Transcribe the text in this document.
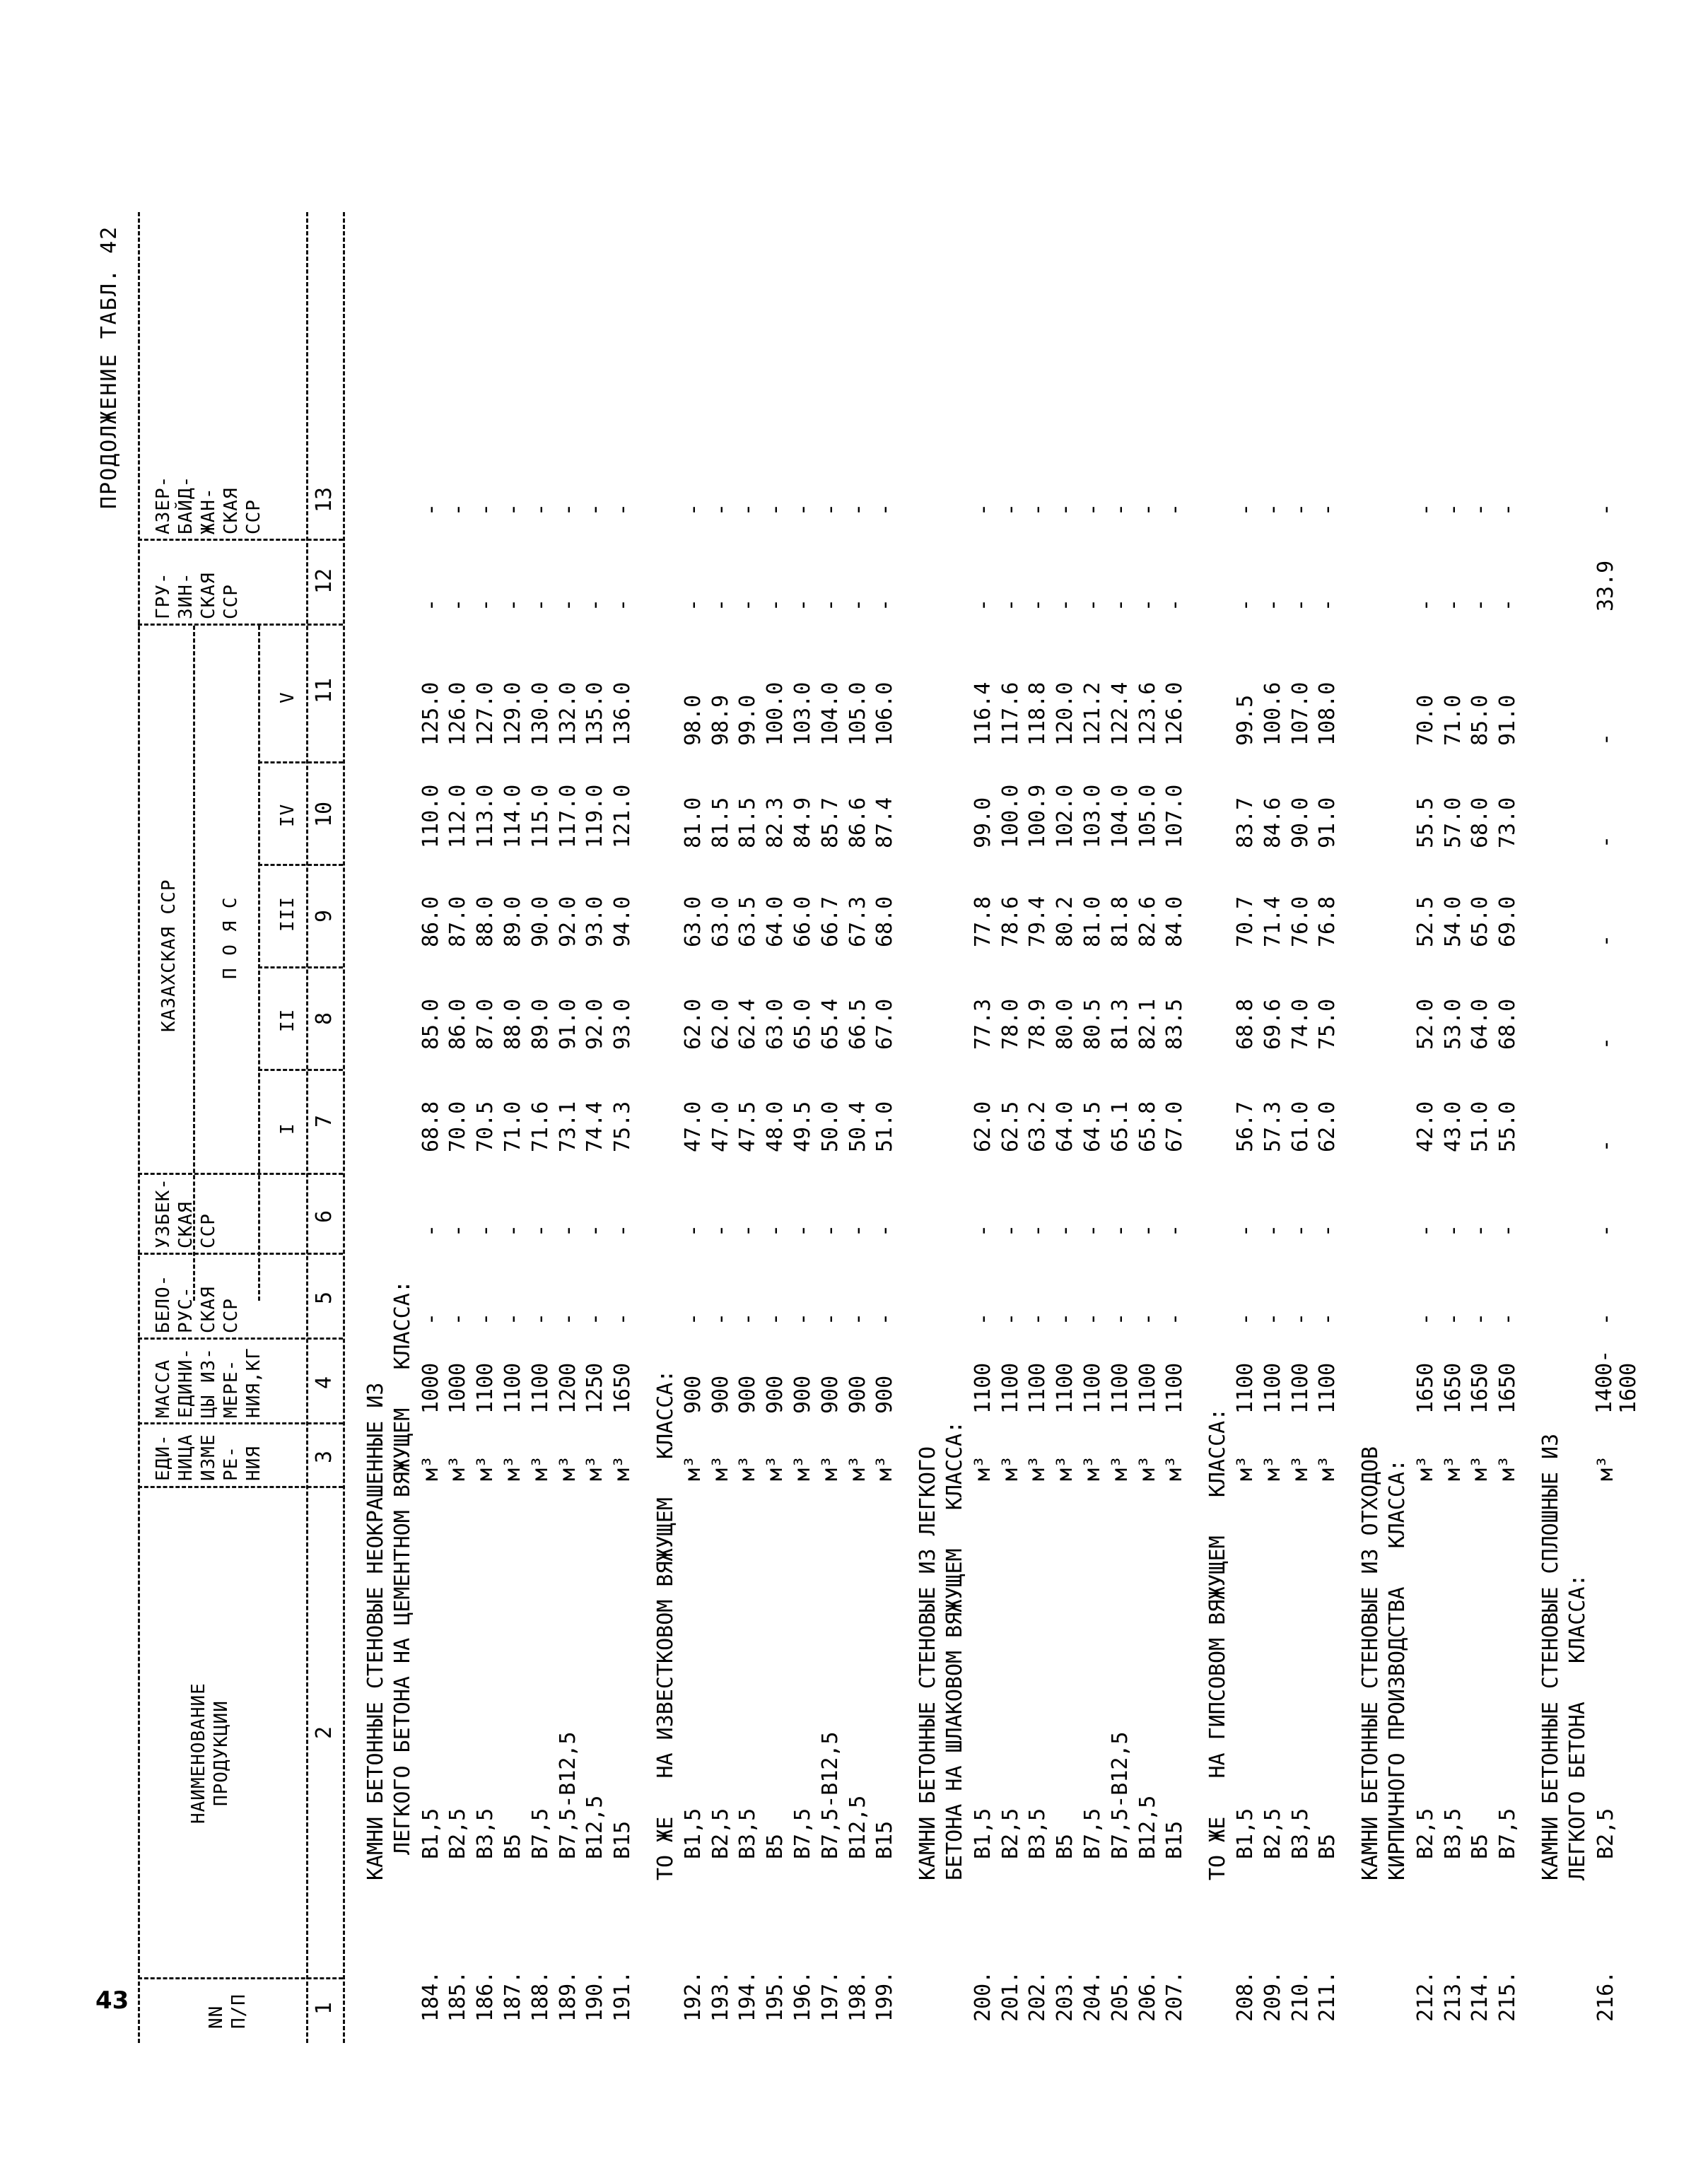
ПРОДОЛЖЕНИЕ ТАБЛ. 42
NN
П/П
НАИМЕНОВАНИЕ
ПРОДУКЦИИ
ЕДИ-
НИЦА
ИЗМЕ
РЕ-
НИЯ
МАССА
ЕДИНИ-
ЦЫ ИЗ-
МЕРЕ-
НИЯ,КГ
БЕЛО-
РУС-
СКАЯ
ССР
УЗБЕК-
СКАЯ
ССР
КАЗАХСКАЯ ССР П О Я С
I
II
III
IV
V
ГРУ-
ЗИН-
СКАЯ
ССР
АЗЕР-
БАЙД-
ЖАН-
СКАЯ
ССР
1
2
3
4
5
6
7
8
9
10
11
12
13
КАМНИ БЕТОННЫЕ СТЕНОВЫЕ НЕОКРАШЕННЫЕ ИЗ
ЛЕГКОГО БЕТОНА НА ЦЕМЕНТНОМ ВЯЖУЩЕМ   КЛАССА:
184.
B1,5
м³
1000
-
-
68.8
85.0
86.0
110.0
125.0
-
-
185.
B2,5
м³
1000
-
-
70.0
86.0
87.0
112.0
126.0
-
-
186.
B3,5
м³
1100
-
-
70.5
87.0
88.0
113.0
127.0
-
-
187.
B5
м³
1100
-
-
71.0
88.0
89.0
114.0
129.0
-
-
188.
B7,5
м³
1100
-
-
71.6
89.0
90.0
115.0
130.0
-
-
189.
B7,5-B12,5
м³
1200
-
-
73.1
91.0
92.0
117.0
132.0
-
-
190.
B12,5
м³
1250
-
-
74.4
92.0
93.0
119.0
135.0
-
-
191.
B15
м³
1650
-
-
75.3
93.0
94.0
121.0
136.0
-
-
ТО ЖЕ   НА ИЗВЕСТКОВОМ ВЯЖУЩЕМ   КЛАССА:
192.
B1,5
м³
900
-
-
47.0
62.0
63.0
81.0
98.0
-
-
193.
B2,5
м³
900
-
-
47.0
62.0
63.0
81.5
98.9
-
-
194.
B3,5
м³
900
-
-
47.5
62.4
63.5
81.5
99.0
-
-
195.
B5
м³
900
-
-
48.0
63.0
64.0
82.3
100.0
-
-
196.
B7,5
м³
900
-
-
49.5
65.0
66.0
84.9
103.0
-
-
197.
B7,5-B12,5
м³
900
-
-
50.0
65.4
66.7
85.7
104.0
-
-
198.
B12,5
м³
900
-
-
50.4
66.5
67.3
86.6
105.0
-
-
199.
B15
м³
900
-
-
51.0
67.0
68.0
87.4
106.0
-
-
КАМНИ БЕТОННЫЕ СТЕНОВЫЕ ИЗ ЛЕГКОГО
БЕТОНА НА ШЛАКОВОМ ВЯЖУЩЕМ   КЛАССА:
200.
B1,5
м³
1100
-
-
62.0
77.3
77.8
99.0
116.4
-
-
201.
B2,5
м³
1100
-
-
62.5
78.0
78.6
100.0
117.6
-
-
202.
B3,5
м³
1100
-
-
63.2
78.9
79.4
100.9
118.8
-
-
203.
B5
м³
1100
-
-
64.0
80.0
80.2
102.0
120.0
-
-
204.
B7,5
м³
1100
-
-
64.5
80.5
81.0
103.0
121.2
-
-
205.
B7,5-B12,5
м³
1100
-
-
65.1
81.3
81.8
104.0
122.4
-
-
206.
B12,5
м³
1100
-
-
65.8
82.1
82.6
105.0
123.6
-
-
207.
B15
м³
1100
-
-
67.0
83.5
84.0
107.0
126.0
-
-
ТО ЖЕ   НА ГИПСОВОМ ВЯЖУЩЕМ   КЛАССА:
208.
B1,5
м³
1100
-
-
56.7
68.8
70.7
83.7
99.5
-
-
209.
B2,5
м³
1100
-
-
57.3
69.6
71.4
84.6
100.6
-
-
210.
B3,5
м³
1100
-
-
61.0
74.0
76.0
90.0
107.0
-
-
211.
B5
м³
1100
-
-
62.0
75.0
76.8
91.0
108.0
-
-
КАМНИ БЕТОННЫЕ СТЕНОВЫЕ ИЗ ОТХОДОВ
КИРПИЧНОГО ПРОИЗВОДСТВА   КЛАССА:
212.
B2,5
м³
1650
-
-
42.0
52.0
52.5
55.5
70.0
-
-
213.
B3,5
м³
1650
-
-
43.0
53.0
54.0
57.0
71.0
-
-
214.
B5
м³
1650
-
-
51.0
64.0
65.0
68.0
85.0
-
-
215.
B7,5
м³
1650
-
-
55.0
68.0
69.0
73.0
91.0
-
-
КАМНИ БЕТОННЫЕ СТЕНОВЫЕ СПЛОШНЫЕ ИЗ
ЛЕГКОГО БЕТОНА   КЛАССА:
216.
B2,5
м³
1400-
1600
-
-
-
-
-
-
-
33.9
-
43
